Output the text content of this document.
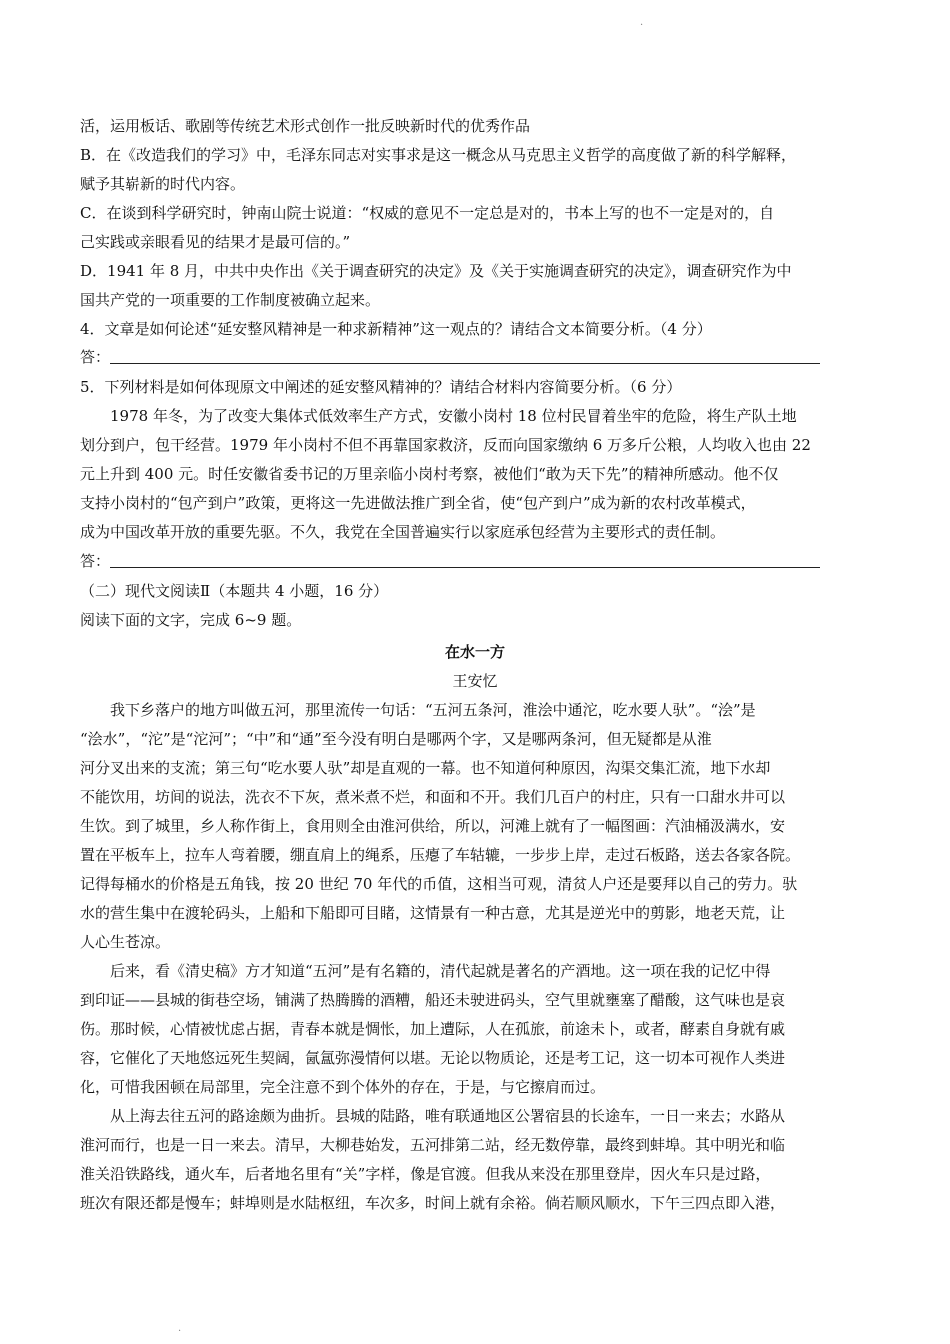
·
活，运用板话、歌剧等传统艺术形式创作一批反映新时代的优秀作品
B．在《改造我们的学习》中，毛泽东同志对实事求是这一概念从马克思主义哲学的高度做了新的科学解释，
赋予其崭新的时代内容。
C．在谈到科学研究时，钟南山院士说道：“权威的意见不一定总是对的，书本上写的也不一定是对的，自
己实践或亲眼看见的结果才是最可信的。”
D．1941 年 8 月，中共中央作出《关于调查研究的决定》及《关于实施调查研究的决定》，调查研究作为中
国共产党的一项重要的工作制度被确立起来。
4．文章是如何论述“延安整风精神是一种求新精神”这一观点的？请结合文本简要分析。（4 分）
答：
5．下列材料是如何体现原文中阐述的延安整风精神的？请结合材料内容简要分析。（6 分）
1978 年冬，为了改变大集体式低效率生产方式，安徽小岗村 18 位村民冒着坐牢的危险，将生产队土地
划分到户，包干经营。1979 年小岗村不但不再靠国家救济，反而向国家缴纳 6 万多斤公粮，人均收入也由 22
元上升到 400 元。时任安徽省委书记的万里亲临小岗村考察，被他们“敢为天下先”的精神所感动。他不仅
支持小岗村的“包产到户”政策，更将这一先进做法推广到全省，使“包产到户”成为新的农村改革模式，
成为中国改革开放的重要先驱。不久，我党在全国普遍实行以家庭承包经营为主要形式的责任制。
答：
（二）现代文阅读Ⅱ（本题共 4 小题，16 分）
阅读下面的文字，完成 6~9 题。
在水一方
王安忆
我下乡落户的地方叫做五河，那里流传一句话：“五河五条河，淮浍中通沱，吃水要人驮”。“浍”是
“浍水”，“沱”是“沱河”；“中”和“通”至今没有明白是哪两个字，又是哪两条河，但无疑都是从淮
河分叉出来的支流；第三句“吃水要人驮”却是直观的一幕。也不知道何种原因，沟渠交集汇流，地下水却
不能饮用，坊间的说法，洗衣不下灰，煮米煮不烂，和面和不开。我们几百户的村庄，只有一口甜水井可以
生饮。到了城里，乡人称作街上，食用则全由淮河供给，所以，河滩上就有了一幅图画：汽油桶汲满水，安
置在平板车上，拉车人弯着腰，绷直肩上的绳系，压瘪了车轱辘，一步步上岸，走过石板路，送去各家各院。
记得每桶水的价格是五角钱，按 20 世纪 70 年代的币值，这相当可观，清贫人户还是要拜以自己的劳力。驮
水的营生集中在渡轮码头，上船和下船即可目睹，这情景有一种古意，尤其是逆光中的剪影，地老天荒，让
人心生苍凉。
后来，看《清史稿》方才知道“五河”是有名籍的，清代起就是著名的产酒地。这一项在我的记忆中得
到印证——县城的街巷空场，铺满了热腾腾的酒糟，船还未驶进码头，空气里就壅塞了醋酸，这气味也是哀
伤。那时候，心情被忧虑占据，青春本就是惆怅，加上遭际，人在孤旅，前途未卜，或者，酵素自身就有戚
容，它催化了天地悠远死生契阔，氤氲弥漫情何以堪。无论以物质论，还是考工记，这一切本可视作人类进
化，可惜我困顿在局部里，完全注意不到个体外的存在，于是，与它擦肩而过。
从上海去往五河的路途颇为曲折。县城的陆路，唯有联通地区公署宿县的长途车，一日一来去；水路从
淮河而行，也是一日一来去。清早，大柳巷始发，五河排第二站，经无数停靠，最终到蚌埠。其中明光和临
淮关沿铁路线，通火车，后者地名里有“关”字样，像是官渡。但我从来没在那里登岸，因火车只是过路，
班次有限还都是慢车；蚌埠则是水陆枢纽，车次多，时间上就有余裕。倘若顺风顺水，下午三四点即入港，
·
